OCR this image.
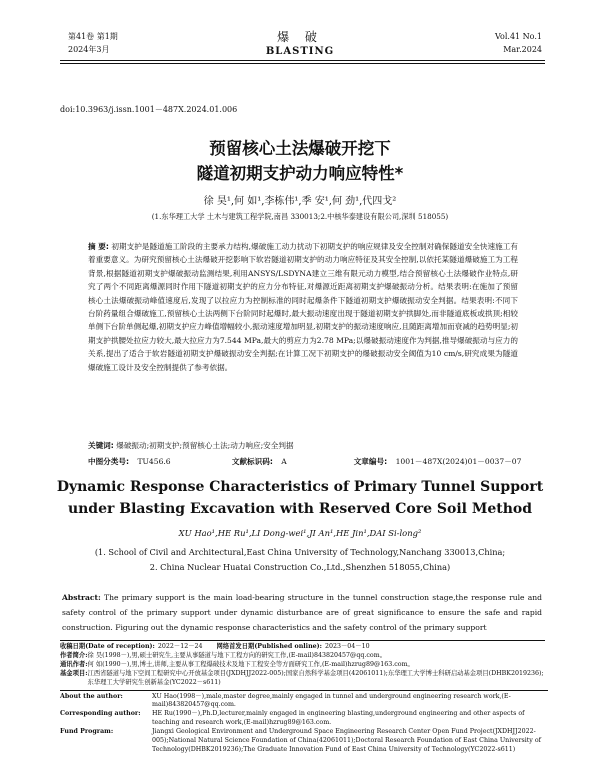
第41卷 第1期
2024年3月
爆 破
BLASTING
Vol.41 No.1
Mar.2024
doi:10.3963/j.issn.1001－487X.2024.01.006
预留核心土法爆破开挖下
隧道初期支护动力响应特性*
徐 昊¹,何 如¹,李栋伟¹,季 安¹,何 劲¹,代四戈²
(1.东华理工大学 土木与建筑工程学院,南昌 330013;2.中核华泰建设有限公司,深圳 518055)
摘 要: 初期支护是隧道施工阶段的主要承力结构,爆破施工动力扰动下初期支护的响应规律及安全控制对确保隧道安全快速施工有着重要意义。为研究预留核心土法爆破开挖影响下软岩隧道初期支护的动力响应特征及其安全控制,以依托某隧道爆破施工为工程背景,根据隧道初期支护爆破振动监测结果,利用ANSYS/LSDYNA建立三维有限元动力模型,结合预留核心土法爆破作业特点,研究了两个不同距离爆源同时作用下隧道初期支护的应力分布特征,对爆源近距离初期支护爆破振动分析。结果表明:在施加了预留核心土法爆破振动峰值速度后,发现了以拉应力为控制标准的同时起爆条件下隧道初期支护爆破振动安全判据。结果表明:不同下台阶药量组合爆破施工,预留核心土法两侧下台阶同时起爆时,最大振动速度出现于隧道初期支护拱脚处,而非隧道底板或拱顶;相较单侧下台阶单侧起爆,初期支护应力峰值增幅较小,振动速度增加明显,初期支护的振动速度响应,且随距离增加而衰减的趋势明显;初期支护拱腰处拉应力较大,最大拉应力为7.544 MPa,最大的剪应力为2.78 MPa;以爆破振动速度作为判据,推导爆破振动与应力的关系,提出了适合于软岩隧道初期支护爆破振动安全判据;在计算工况下初期支护的爆破振动安全阈值为10 cm/s,研究成果为隧道爆破施工设计及安全控制提供了参考依据。
关键词: 爆破振动;初期支护;预留核心土法;动力响应;安全判据
中图分类号: TU456.6	文献标识码: A	文章编号: 1001－487X(2024)01－0037－07
Dynamic Response Characteristics of Primary Tunnel Support
under Blasting Excavation with Reserved Core Soil Method
XU Hao¹,HE Ru¹,LI Dong-wei¹,JI An¹,HE Jin¹,DAI Si-long²
(1. School of Civil and Architectural,East China University of Technology,Nanchang 330013,China;
2. China Nuclear Huatai Construction Co.,Ltd.,Shenzhen 518055,China)
Abstract: The primary support is the main load-bearing structure in the tunnel construction stage,the response rule and safety control of the primary support under dynamic disturbance are of great significance to ensure the safe and rapid construction. Figuring out the dynamic response characteristics and the safety control of the primary support
收稿日期(Date of reception): 2022－12－24	网络首发日期(Published online): 2023－04－10
作者简介: 徐 昊(1998－),男,硕士研究生,主要从事隧道与地下工程方向的研究工作,(E-mail)843820457@qq.com。
通讯作者: 何 如(1990－),男,博士,讲师,主要从事工程爆破技术及地下工程安全等方面研究工作,(E-mail)hzrug89@163.com。
基金项目: 江西省隧道与地下空间工程研究中心开放基金项目(JXDHJJ2022-005);国家自然科学基金项目(42061011);东华理工大学博士科研启动基金项目(DHBK2019236);东华理工大学研究生创新基金(YC2022－s611)
About the author:	XU Hao(1998－),male,master degree,mainly engaged in tunnel and underground engineering research work,(E-mail)843820457@qq.com.
Corresponding author:	HE Ru(1990－),Ph.D,lecturer,mainly engaged in engineering blasting,underground engineering and other aspects of teaching and research work,(E-mail)hzrug89@163.com.
Fund Program:	Jiangxi Geological Environment and Underground Space Engineering Research Center Open Fund Project(JXDHJJ2022-005);National Natural Science Foundation of China(42061011);Doctoral Research Foundation of East China University of Technology(DHBK2019236);The Graduate Innovation Fund of East China University of Technology(YC2022-s611)
